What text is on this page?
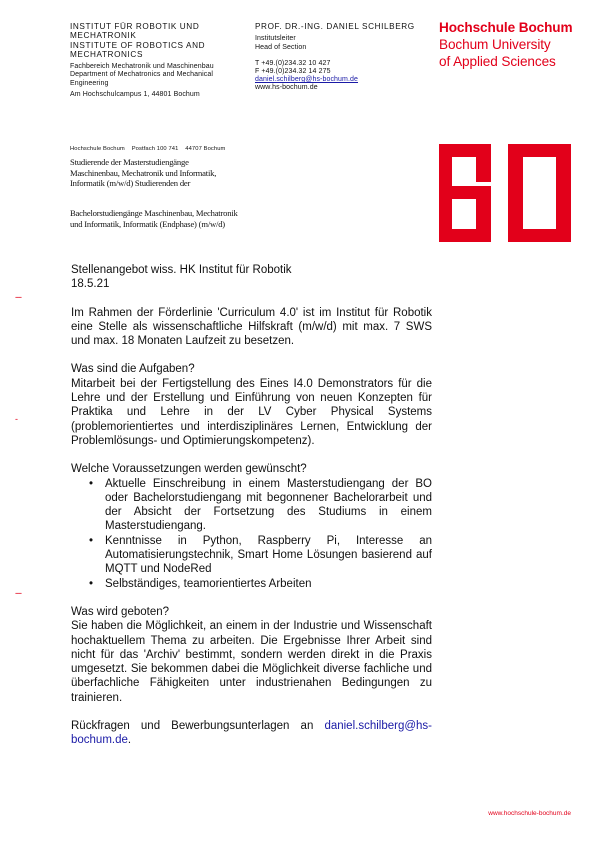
INSTITUT FÜR ROBOTIK UND MECHATRONIK
INSTITUTE OF ROBOTICS AND MECHATRONICS
Fachbereich Mechatronik und Maschinenbau
Department of Mechatronics and Mechanical Engineering
Am Hochschulcampus 1, 44801 Bochum
PROF. DR.-ING. DANIEL SCHILBERG
Institutsleiter
Head of Section
T +49.(0)234.32 10 427
F +49.(0)234.32 14 275
daniel.schilberg@hs-bochum.de
www.hs-bochum.de
Hochschule Bochum
Bochum University
of Applied Sciences
Hochschule Bochum    Postfach 100 741    44707 Bochum
Studierende der Masterstudiengänge
Maschinenbau, Mechatronik und Informatik,
Informatik (m/w/d) Studierenden der
Bachelorstudiengänge Maschinenbau, Mechatronik
und Informatik, Informatik (Endphase) (m/w/d)
---
-
---

Stellenangebot wiss. HK Institut für Robotik

18.5.21

Im Rahmen der Förderlinie 'Curriculum 4.0' ist im Institut für Robotik eine Stelle als wissenschaftliche Hilfskraft (m/w/d) mit max. 7 SWS und max. 18 Monaten Laufzeit zu besetzen.

Was sind die Aufgaben?

Mitarbeit bei der Fertigstellung des Eines I4.0 Demonstrators für die Lehre und der Erstellung und Einführung von neuen Konzepten für Praktika und Lehre in der LV Cyber Physical Systems (problemorientiertes und interdisziplinäres Lernen, Entwicklung der Problemlösungs- und Optimierungskompetenz).

Welche Voraussetzungen werden gewünscht?

• Aktuelle Einschreibung in einem Masterstudiengang der BO oder Bachelorstudiengang mit begonnener Bachelorarbeit und der Absicht der Fortsetzung des Studiums in einem Masterstudiengang.
• Kenntnisse in Python, Raspberry Pi, Interesse an Automatisierungstechnik, Smart Home Lösungen basierend auf MQTT und NodeRed
• Selbständiges, teamorientiertes Arbeiten

Was wird geboten?

Sie haben die Möglichkeit, an einem in der Industrie und Wissenschaft hochaktuellem Thema zu arbeiten. Die Ergebnisse Ihrer Arbeit sind nicht für das 'Archiv' bestimmt, sondern werden direkt in die Praxis umgesetzt. Sie bekommen dabei die Möglichkeit diverse fachliche und überfachliche Fähigkeiten unter industrienahen Bedingungen zu trainieren.

Rückfragen und Bewerbungsunterlagen an daniel.schilberg@hs-bochum.de.

www.hochschule-bochum.de
